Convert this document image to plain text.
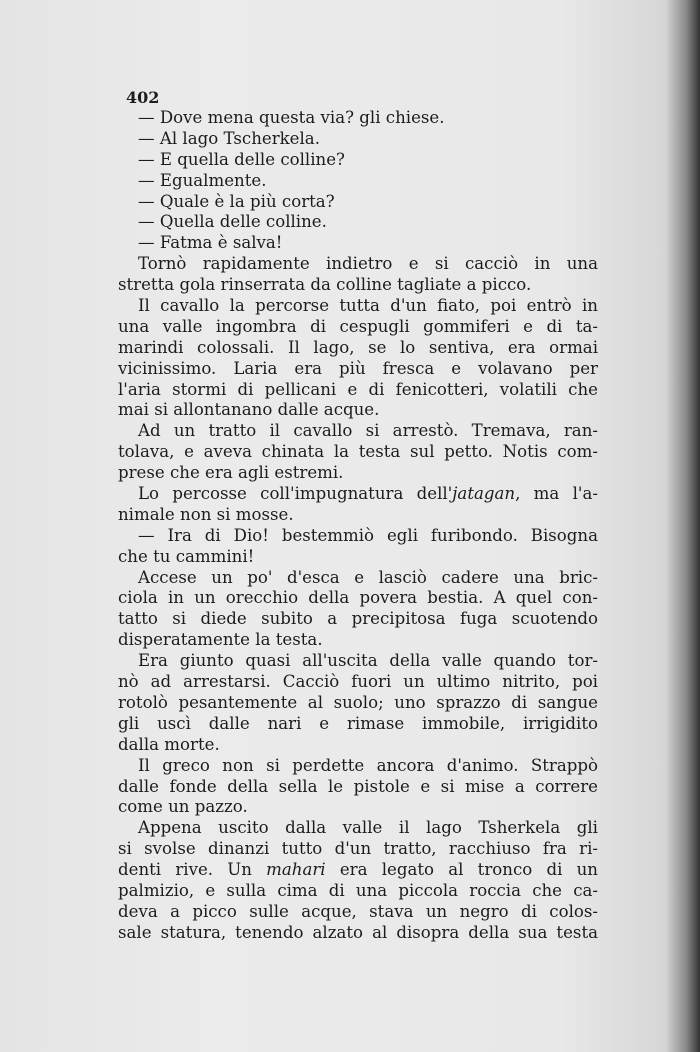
402
— Dove mena questa via? gli chiese.
— Al lago Tscherkela.
— E quella delle colline?
— Egualmente.
— Quale è la più corta?
— Quella delle colline.
— Fatma è salva!
Tornò rapidamente indietro e si cacciò in una
stretta gola rinserrata da colline tagliate a picco.
Il cavallo la percorse tutta d'un fiato, poi entrò in
una valle ingombra di cespugli gommiferi e di ta-
marindi colossali. Il lago, se lo sentiva, era ormai
vicinissimo. Laria era più fresca e volavano per
l'aria stormi di pellicani e di fenicotteri, volatili che
mai si allontanano dalle acque.
Ad un tratto il cavallo si arrestò. Tremava, ran-
tolava, e aveva chinata la testa sul petto. Notis com-
prese che era agli estremi.
Lo percosse coll'impugnatura dell'jatagan, ma l'a-
nimale non si mosse.
— Ira di Dio! bestemmiò egli furibondo. Bisogna
che tu cammini!
Accese un po' d'esca e lasciò cadere una bric-
ciola in un orecchio della povera bestia. A quel con-
tatto si diede subito a precipitosa fuga scuotendo
disperatamente la testa.
Era giunto quasi all'uscita della valle quando tor-
nò ad arrestarsi. Cacciò fuori un ultimo nitrito, poi
rotolò pesantemente al suolo; uno sprazzo di sangue
gli uscì dalle nari e rimase immobile, irrigidito
dalla morte.
Il greco non si perdette ancora d'animo. Strappò
dalle fonde della sella le pistole e si mise a correre
come un pazzo.
Appena uscito dalla valle il lago Tsherkela gli
si svolse dinanzi tutto d'un tratto, racchiuso fra ri-
denti rive. Un mahari era legato al tronco di un
palmizio, e sulla cima di una piccola roccia che ca-
deva a picco sulle acque, stava un negro di colos-
sale statura, tenendo alzato al disopra della sua testa
